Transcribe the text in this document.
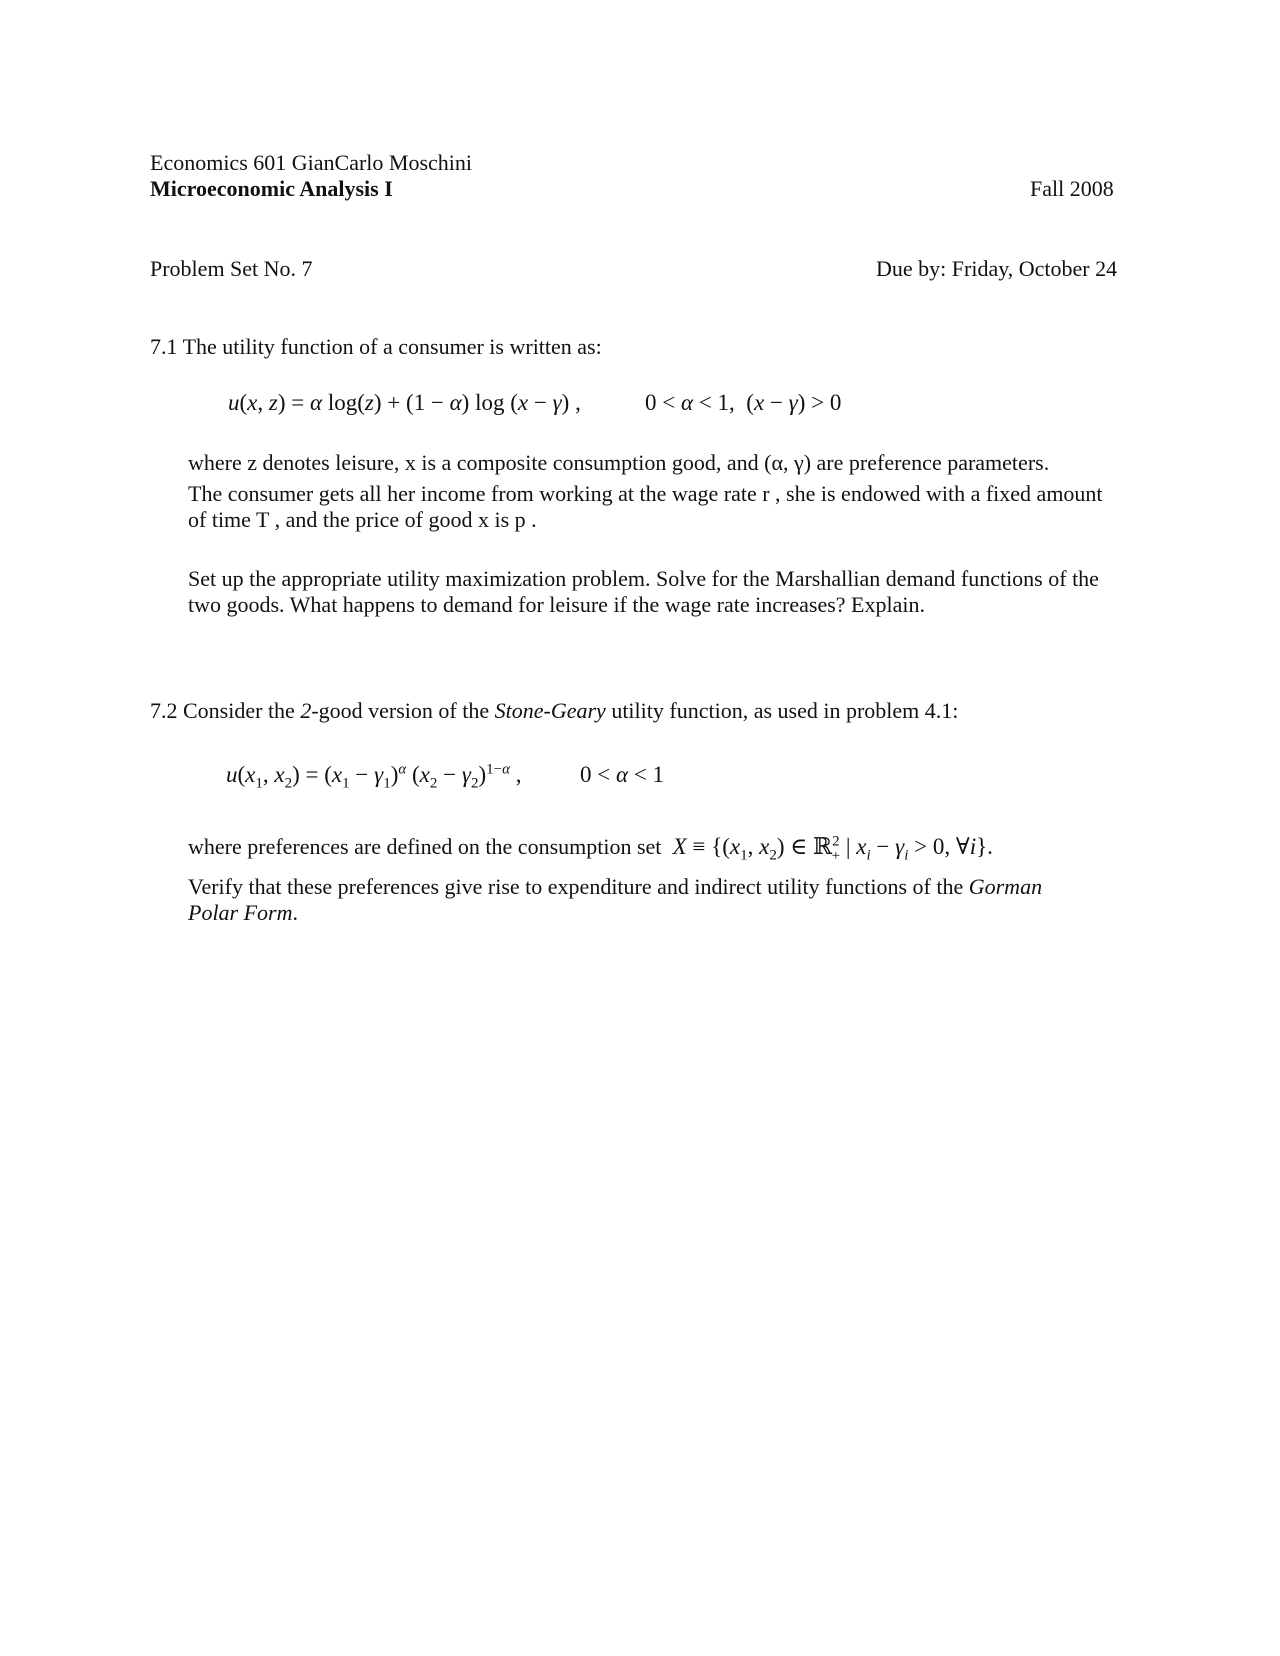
Economics 601 GianCarlo Moschini
Microeconomic Analysis I	Fall 2008
Problem Set No. 7	Due by: Friday, October 24
7.1 The utility function of a consumer is written as:
u(x, z) = α log(z) + (1 − α) log (x − γ) ,	0 < α < 1,  (x − γ) > 0
where z denotes leisure, x is a composite consumption good, and (α, γ) are preference parameters.
The consumer gets all her income from working at the wage rate r , she is endowed with a fixed amount
of time T , and the price of good x is p .
Set up the appropriate utility maximization problem. Solve for the Marshallian demand functions of the
two goods. What happens to demand for leisure if the wage rate increases? Explain.
7.2 Consider the 2-good version of the Stone-Geary utility function, as used in problem 4.1:
$u(x_1$, $x_2) = (x_1 - \gamma_1)^\alpha$ $(x_2 - \gamma_2)^{1-\alpha}$ ,	0 < α < 1
where preferences are defined on the consumption set $X \equiv \{(x_1$, $x_2$) ∈ ℝ$^2_+$ | $x_i - \gamma_i > 0$, ∀i}.
Verify that these preferences give rise to expenditure and indirect utility functions of the Gorman
Polar Form.
